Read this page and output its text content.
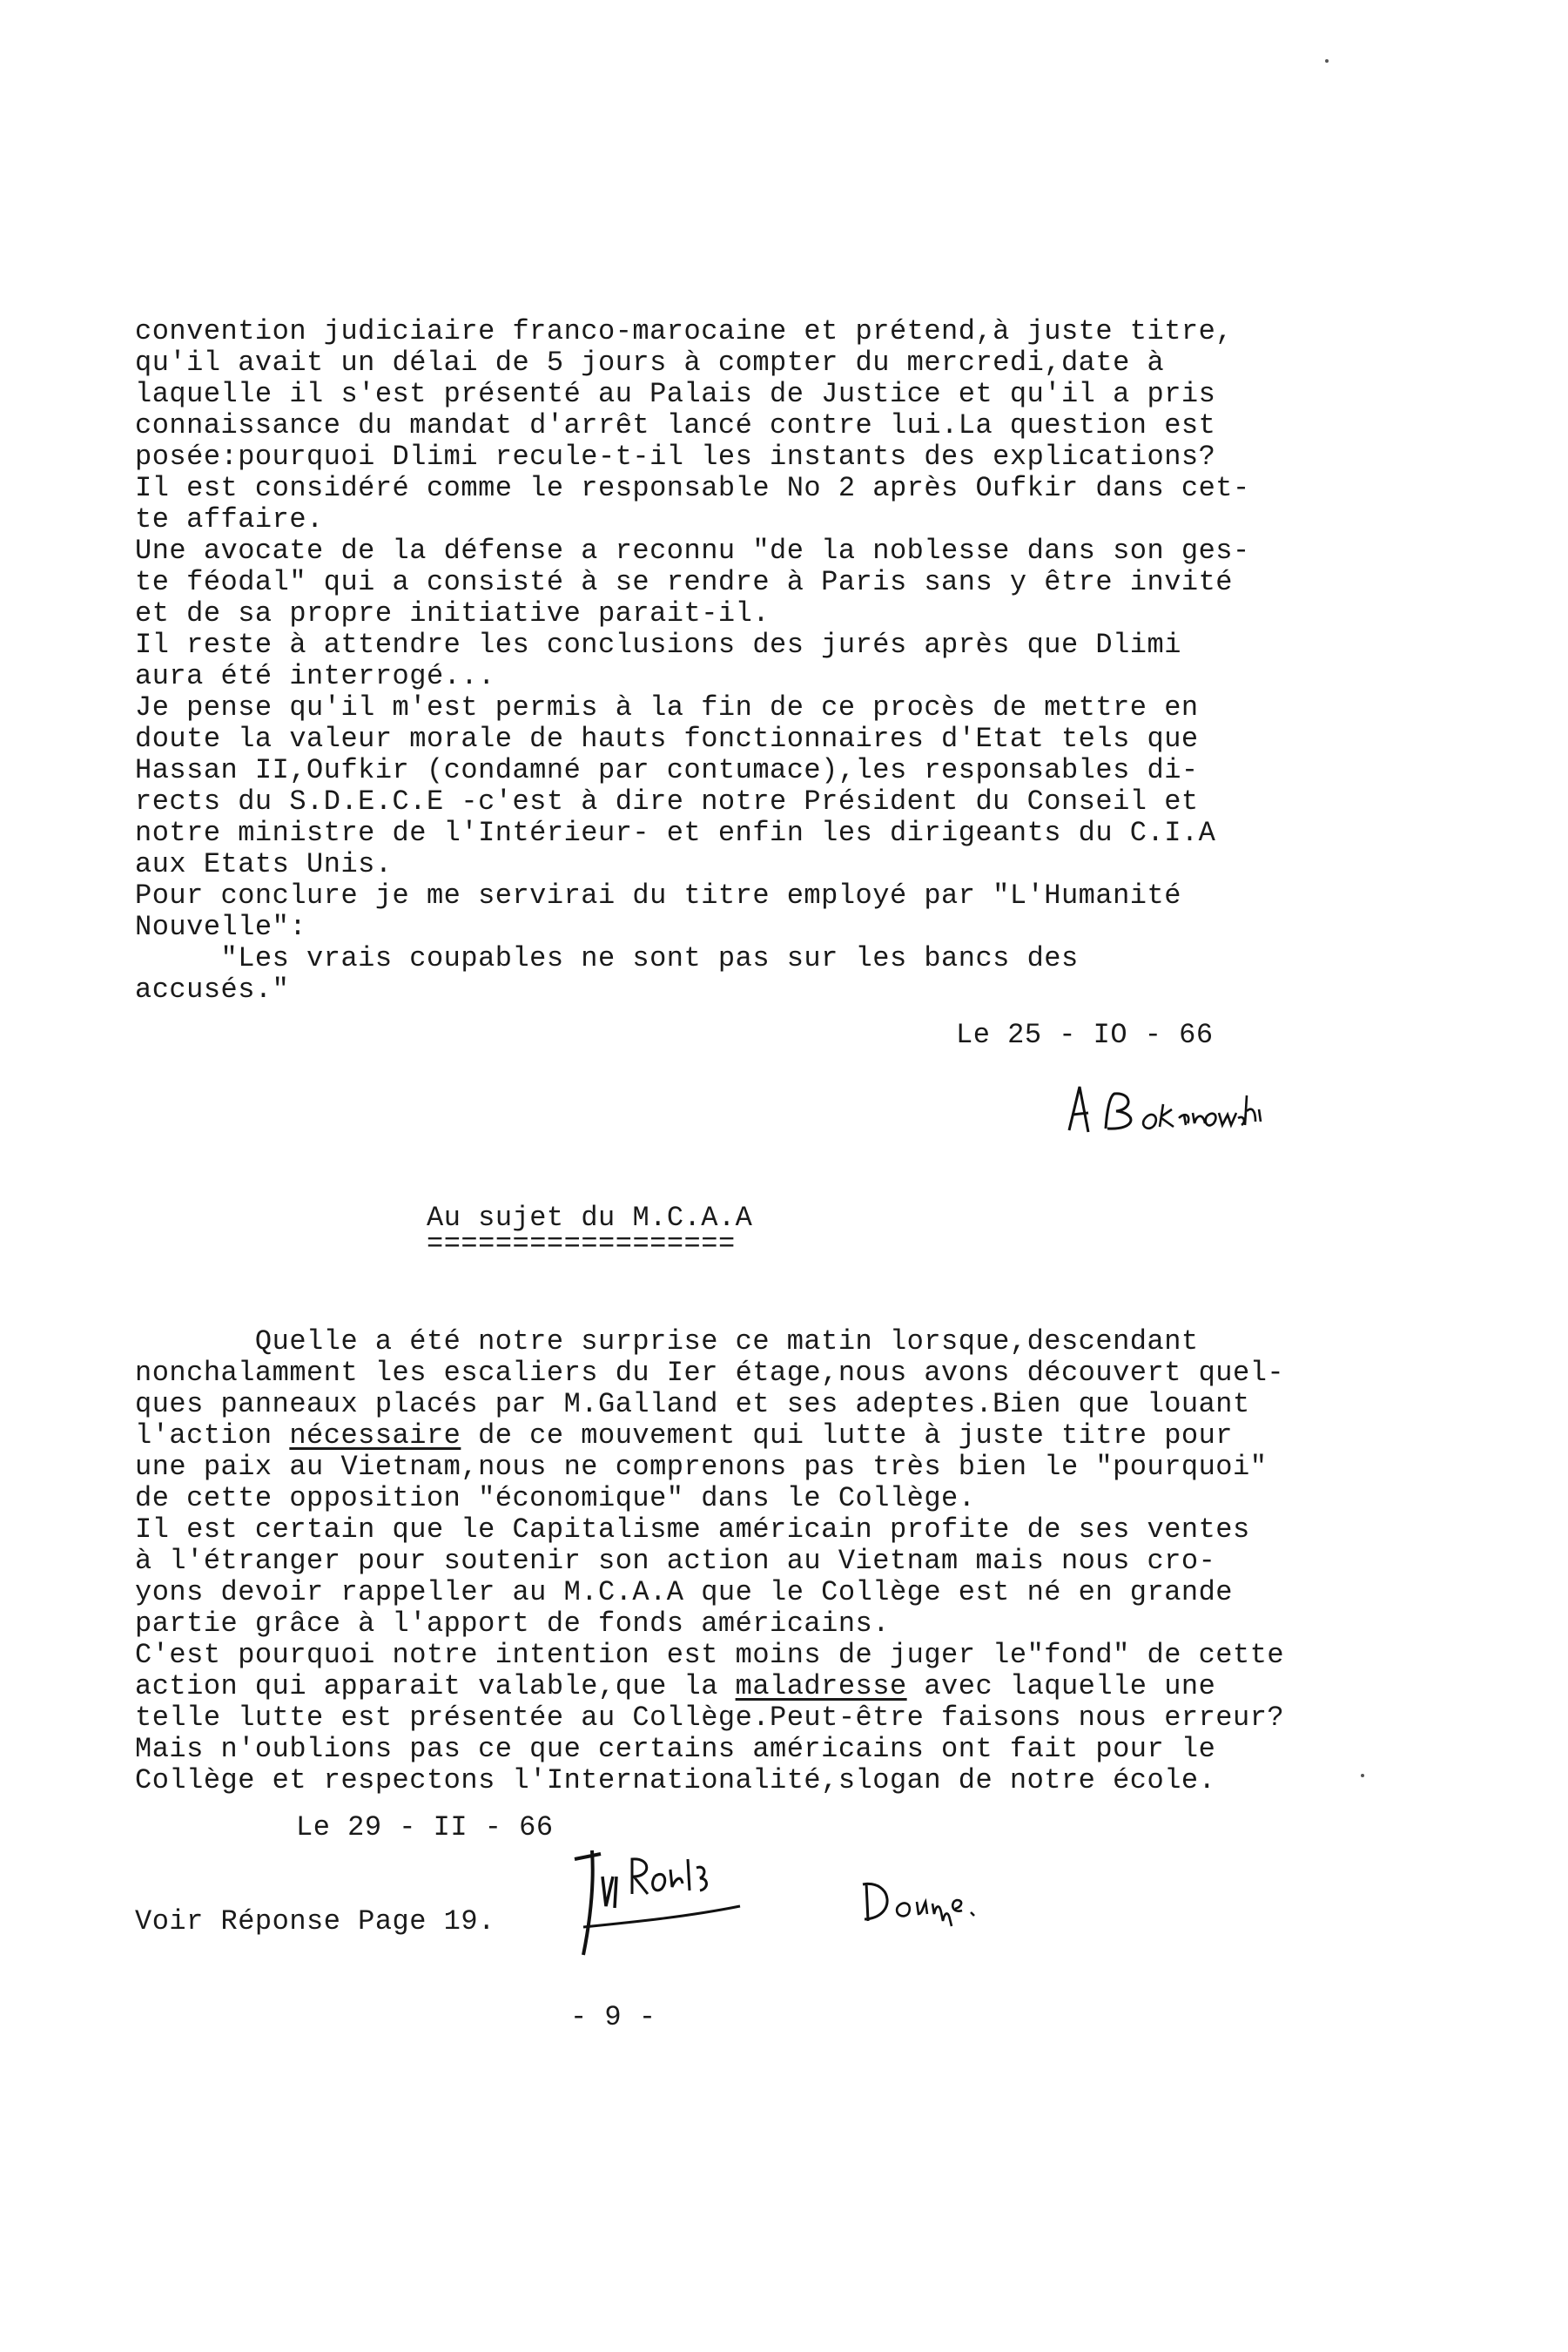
convention judiciaire franco-marocaine et prétend,à juste titre,
qu'il avait un délai de 5 jours à compter du mercredi,date à
laquelle il s'est présenté au Palais de Justice et qu'il a pris
connaissance du mandat d'arrêt lancé contre lui.La question est
posée:pourquoi Dlimi recule-t-il les instants des explications?
Il est considéré comme le responsable No 2 après Oufkir dans cet-
te affaire.
Une avocate de la défense a reconnu "de la noblesse dans son ges-
te féodal" qui a consisté à se rendre à Paris sans y être invité
et de sa propre initiative parait-il.
Il reste à attendre les conclusions des jurés après que Dlimi
aura été interrogé...
Je pense qu'il m'est permis à la fin de ce procès de mettre en
doute la valeur morale de hauts fonctionnaires d'Etat tels que
Hassan II,Oufkir (condamné par contumace),les responsables di-
rects du S.D.E.C.E -c'est à dire notre Président du Conseil et
notre ministre de l'Intérieur- et enfin les dirigeants du C.I.A
aux Etats Unis.
Pour conclure je me servirai du titre employé par "L'Humanité
Nouvelle":
"Les vrais coupables ne sont pas sur les bancs des
accusés."
Le 25 - IO - 66
Au sujet du M.C.A.A
==================
Quelle a été notre surprise ce matin lorsque,descendant
nonchalamment les escaliers du Ier étage,nous avons découvert quel-
ques panneaux placés par M.Galland et ses adeptes.Bien que louant
l'action nécessaire de ce mouvement qui lutte à juste titre pour
une paix au Vietnam,nous ne comprenons pas très bien le "pourquoi"
de cette opposition "économique" dans le Collège.
Il est certain que le Capitalisme américain profite de ses ventes
à l'étranger pour soutenir son action au Vietnam mais nous cro-
yons devoir rappeller au M.C.A.A que le Collège est né en grande
partie grâce à l'apport de fonds américains.
C'est pourquoi notre intention est moins de juger le"fond" de cette
action qui apparait valable,que la maladresse avec laquelle une
telle lutte est présentée au Collège.Peut-être faisons nous erreur?
Mais n'oublions pas ce que certains américains ont fait pour le
Collège et respectons l'Internationalité,slogan de notre école.
Le 29 - II - 66
Voir Réponse Page 19.
- 9 -
